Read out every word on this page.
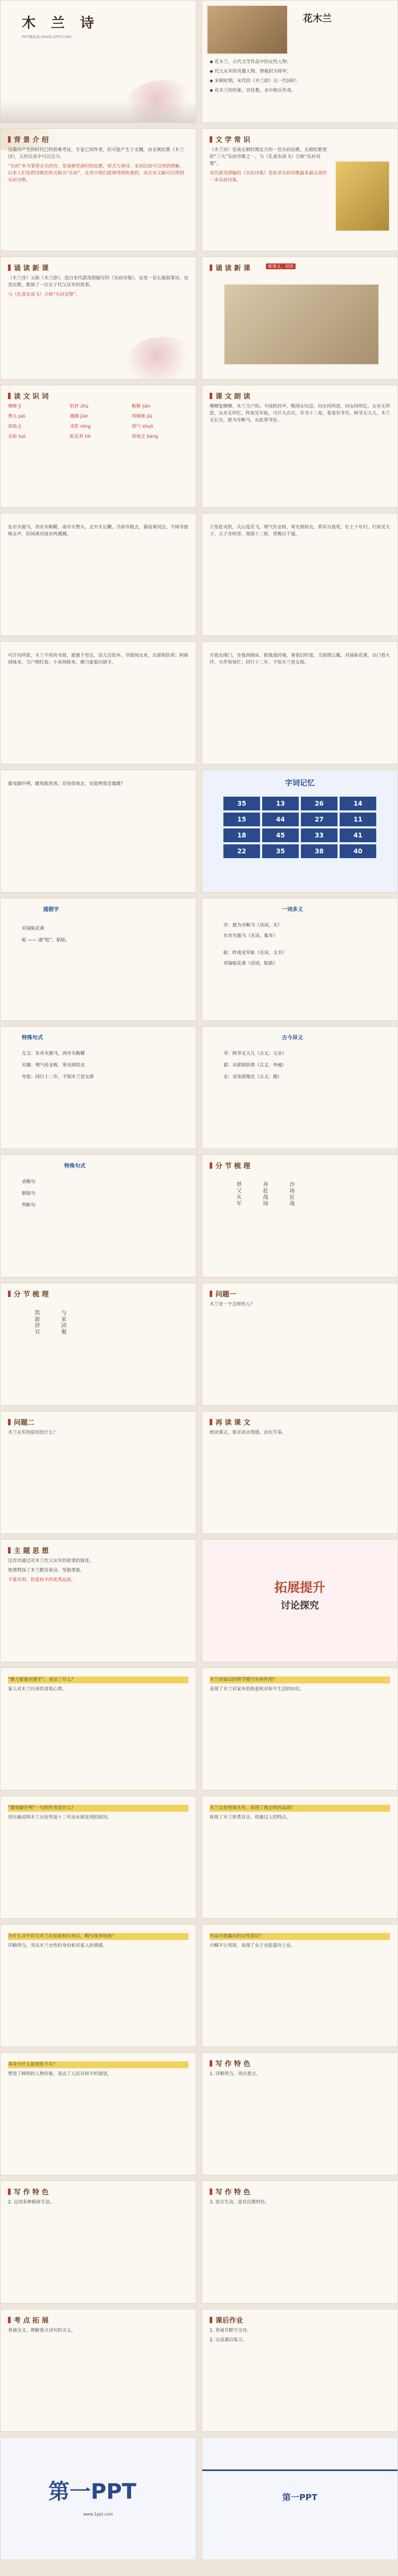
木 兰 诗
PPT模板网:WWW.1PPT.COM
花木兰

◆ 花木兰，古代文学作品中的女性人物；

◆ 代父从军的英雄人物，曾被封为将军；

◆ 宋朝时期，宋代的《木兰辞》汉一代同时；

◆ 花木兰的形象，宫廷教，金中称兵作戏。

背 景 介 绍

这篇诗产生的时代已经很难考证，专家已知作者，但可能产生于北魏，由北朝民歌《木兰诗》，五经后其中可以总分。

“乐府”本为掌管音乐的官，是南朝至唐时的民歌，形式与唐诗、宋词比较可以得到理解，后来人们也把诗歌的形式称为“乐府”，在其中我们能够得到和谐的，而且有文献可以得到乐府诗歌。

文 学 常 识

《木兰诗》是南北朝时期北方的一首乐府民歌。北朝民歌里的“三大”乐府诗歌之一，与《孔雀东南飞》合称“乐府双璧”。

宋代郭茂倩编的《乐府诗集》是收录乐府诗歌最多最完善的一本乐府诗集。

诵 读 新 课

《木兰诗》又称《木兰辞》，选自宋代郭茂倩编写的《乐府诗集》，这是一首长篇叙事诗，也是民歌，歌颂了一位女子代父从军的故事。

与《孔雀东南飞》合称“乐府双璧”。

诵 读 新 课	新课文，初读
读 文 识 词
唧唧 jī	机杼 zhù	鞍鞯 jiān
辔头 pèi	溅溅 jiān	鸣啾啾 jiū
胡骑 jì	戎机 róng	朔气 shuò
金柝 tuò	帖花黄 tiē	傍地走 bàng
课 文 朗 读

唧唧复唧唧，木兰当户织。不闻机杼声，唯闻女叹息。问女何所思，问女何所忆。女亦无所思，女亦无所忆。昨夜见军帖，可汗大点兵，军书十二卷，卷卷有爷名。阿爷无大儿，木兰无长兄，愿为市鞍马，从此替爷征。

东市买骏马，西市买鞍鞯，南市买辔头，北市买长鞭。旦辞爷娘去，暮宿黄河边，不闻爷娘唤女声，但闻黄河流水鸣溅溅。

万里赴戎机，关山度若飞。朔气传金柝，寒光照铁衣。将军百战死，壮士十年归。归来见天子，天子坐明堂。策勋十二转，赏赐百千强。

可汗问所欲，木兰不用尚书郎，愿驰千里足，送儿还故乡。爷娘闻女来，出郭相扶将；阿姊闻妹来，当户理红妆；小弟闻姊来，磨刀霍霍向猪羊。

开我东阁门，坐我西阁床，脱我战时袍，著我旧时裳。当窗理云鬓，对镜帖花黄。出门看火伴，火伴皆惊忙：同行十二年，不知木兰是女郎。

雄兔脚扑朔，雌兔眼迷离；双兔傍地走，安能辨我是雄雌？	字词记忆
35	13	26	14
15	44	27	11
18	45	33	41
22	35	38	40
通假字
对镜帖花黄
帖 —— 通“贴”，粘贴。
一词多义
市：愿为市鞍马（动词，买）
东市买骏马（名词，集市）
帖：昨夜见军帖（名词，文书）
对镜帖花黄（动词，粘贴）
特殊句式
互文：东市买骏马，西市买鞍鞯
对偶：朔气传金柝，寒光照铁衣
夸张：同行十二年，不知木兰是女郎
古今异义
爷：阿爷无大儿（古义：父亲）
郭：出郭相扶将（古义：外城）
走：双兔傍地走（古义：跑）
特殊句式
省略句
倒装句
判断句
分 节 梳 理
替父从军	奔赴战场	沙场征战
分 节 梳 理
凯旋辞官	与家团聚
问题一

木兰是一个怎样的人？

问题二

木兰从军的原因是什么？

再 读 课 文

朗读课文，要求读出情感，读出节奏。

主 题 思 想

这首诗通过对木兰代父从军的故事的叙述，

热情赞扬了木兰勤劳善良、坚毅勇敢、

不慕名利、热爱和平的优秀品质。	拓展提升
讨论探究

“磨刀霍霍向猪羊”，表达了什么？

家人对木兰归来的喜悦心情。

木兰回家后的情节描写有何作用？

表现了木兰对家乡的热爱和对和平生活的向往。

“雄兔脚扑朔”一句的作用是什么？

用比喻说明木兰女扮男装十二年而未被发现的原因。

木兰女扮男装从军，表现了她怎样的品质？

体现了木兰智勇双全、机敏过人的特点。

为什么诗中详写木兰出征前和归来后，略写战争场面？

详略得当，突出木兰女性的身份和对家人的情感。

作品中流露出的女性意识？

巾帼不让须眉，表现了女子也能建功立业。

本诗为什么能流传千古？

塑造了鲜明的人物形象，表达了人民对和平的渴望。

写 作 特 色

1. 详略得当，突出重点。

写 作 特 色

2. 运用多种修辞手法。

写 作 特 色

3. 语言生动，富有民歌特色。

考 点 拓 展

背诵全文，理解重点词句的含义。

课后作业

1. 背诵并默写全诗。

2. 完成课后练习。

第一PPT
www.1ppt.com
第一PPT
